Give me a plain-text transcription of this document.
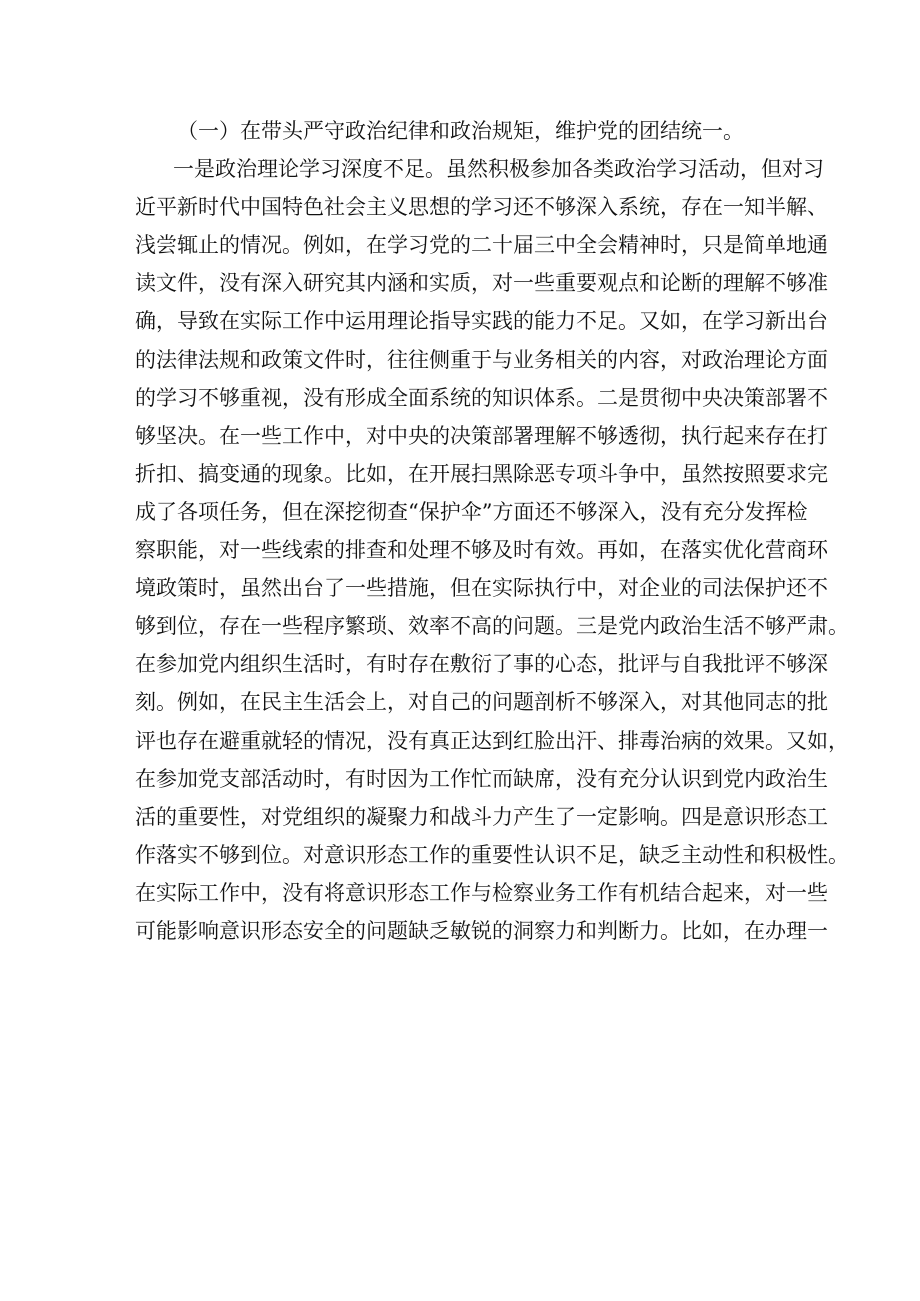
（一）在带头严守政治纪律和政治规矩，维护党的团结统一。
一是政治理论学习深度不足。虽然积极参加各类政治学习活动，但对习
近平新时代中国特色社会主义思想的学习还不够深入系统，存在一知半解、
浅尝辄止的情况。例如，在学习党的二十届三中全会精神时，只是简单地通
读文件，没有深入研究其内涵和实质，对一些重要观点和论断的理解不够准
确，导致在实际工作中运用理论指导实践的能力不足。又如，在学习新出台
的法律法规和政策文件时，往往侧重于与业务相关的内容，对政治理论方面
的学习不够重视，没有形成全面系统的知识体系。二是贯彻中央决策部署不
够坚决。在一些工作中，对中央的决策部署理解不够透彻，执行起来存在打
折扣、搞变通的现象。比如，在开展扫黑除恶专项斗争中，虽然按照要求完
成了各项任务，但在深挖彻查“保护伞”方面还不够深入，没有充分发挥检
察职能，对一些线索的排查和处理不够及时有效。再如，在落实优化营商环
境政策时，虽然出台了一些措施，但在实际执行中，对企业的司法保护还不
够到位，存在一些程序繁琐、效率不高的问题。三是党内政治生活不够严肃。
在参加党内组织生活时，有时存在敷衍了事的心态，批评与自我批评不够深
刻。例如，在民主生活会上，对自己的问题剖析不够深入，对其他同志的批
评也存在避重就轻的情况，没有真正达到红脸出汗、排毒治病的效果。又如，
在参加党支部活动时，有时因为工作忙而缺席，没有充分认识到党内政治生
活的重要性，对党组织的凝聚力和战斗力产生了一定影响。四是意识形态工
作落实不够到位。对意识形态工作的重要性认识不足，缺乏主动性和积极性。
在实际工作中，没有将意识形态工作与检察业务工作有机结合起来，对一些
可能影响意识形态安全的问题缺乏敏锐的洞察力和判断力。比如，在办理一
